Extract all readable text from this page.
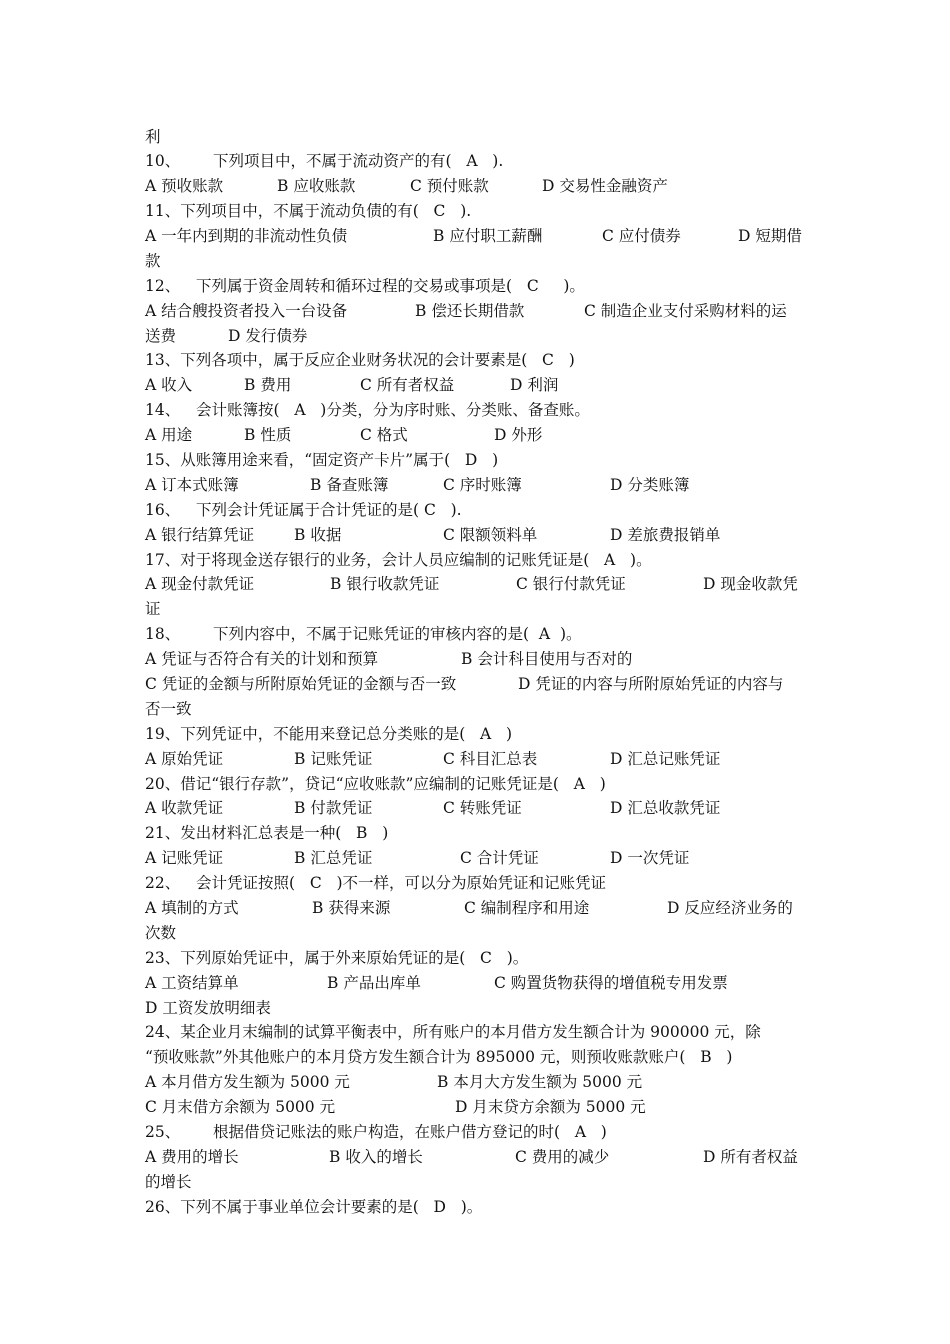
利
10、 下列项目中，不属于流动资产的有(   A   ).
A 预收账款	B 应收账款	C 预付账款	D 交易性金融资产
11、下列项目中，不属于流动负债的有(   C   ).
A 一年内到期的非流动性负债	B 应付职工薪酬	C 应付债券	D 短期借
款
12、 下列属于资金周转和循环过程的交易或事项是(   C     )。
A 结合艘投资者投入一台设备	B 偿还长期借款	C 制造企业支付采购材料的运
送费	D 发行债券
13、下列各项中，属于反应企业财务状况的会计要素是(   C   )
A 收入	B 费用	C 所有者权益	D 利润
14、 会计账簿按(   A   )分类，分为序时账、分类账、备查账。
A 用途	B 性质	C 格式	D 外形
15、从账簿用途来看，“固定资产卡片”属于(   D   )
A 订本式账簿	B 备查账簿	C 序时账簿	D 分类账簿
16、 下列会计凭证属于合计凭证的是( C   ).
A 银行结算凭证	B 收据	C 限额领料单	D 差旅费报销单
17、对于将现金送存银行的业务，会计人员应编制的记账凭证是(   A   )。
A 现金付款凭证	B 银行收款凭证	C 银行付款凭证	D 现金收款凭
证
18、 下列内容中，不属于记账凭证的审核内容的是(  A  )。
A 凭证与否符合有关的计划和预算	B 会计科目使用与否对的
C 凭证的金额与所附原始凭证的金额与否一致	D 凭证的内容与所附原始凭证的内容与
否一致
19、下列凭证中，不能用来登记总分类账的是(   A   )
A 原始凭证	B 记账凭证	C 科目汇总表	D 汇总记账凭证
20、借记“银行存款”，贷记“应收账款”应编制的记账凭证是(   A   )
A 收款凭证	B 付款凭证	C 转账凭证	D 汇总收款凭证
21、发出材料汇总表是一种(   B   )
A 记账凭证	B 汇总凭证	C 合计凭证	D 一次凭证
22、 会计凭证按照(   C   )不一样，可以分为原始凭证和记账凭证
A 填制的方式	B 获得来源	C 编制程序和用途	D 反应经济业务的
次数
23、下列原始凭证中，属于外来原始凭证的是(   C   )。
A 工资结算单	B 产品出库单	C 购置货物获得的增值税专用发票
D 工资发放明细表
24、某企业月末编制的试算平衡表中，所有账户的本月借方发生额合计为 900000 元，除
“预收账款”外其他账户的本月贷方发生额合计为 895000 元，则预收账款账户(   B   )
A 本月借方发生额为 5000 元	B 本月大方发生额为 5000 元
C 月末借方余额为 5000 元	D 月末贷方余额为 5000 元
25、 根据借贷记账法的账户构造，在账户借方登记的时(   A   )
A 费用的增长	B 收入的增长	C 费用的减少	D 所有者权益
的增长
26、下列不属于事业单位会计要素的是(   D   )。
